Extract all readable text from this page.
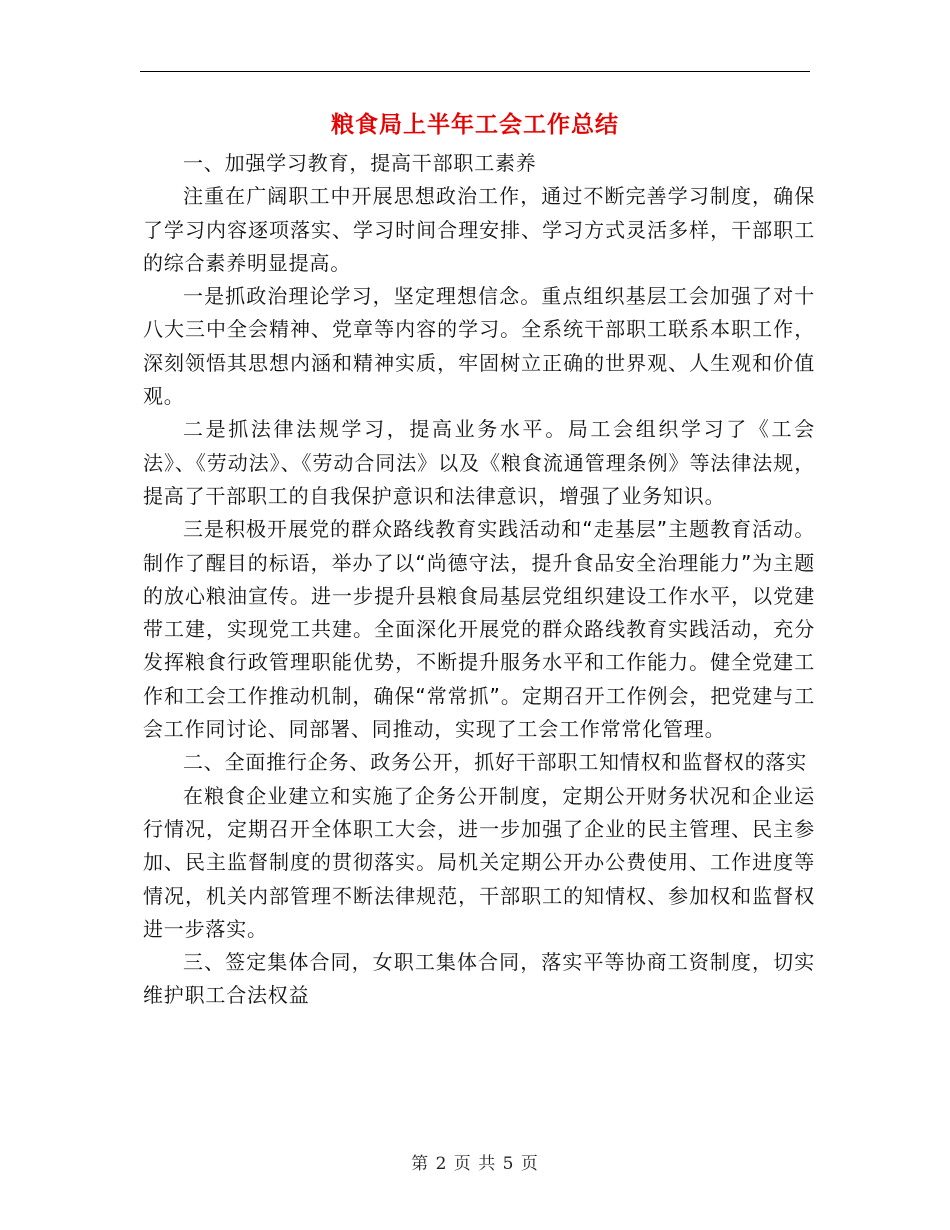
粮食局上半年工会工作总结

一、加强学习教育，提高干部职工素养

注重在广阔职工中开展思想政治工作，通过不断完善学习制度，确保了学习内容逐项落实、学习时间合理安排、学习方式灵活多样，干部职工的综合素养明显提高。

一是抓政治理论学习，坚定理想信念。重点组织基层工会加强了对十八大三中全会精神、党章等内容的学习。全系统干部职工联系本职工作，深刻领悟其思想内涵和精神实质，牢固树立正确的世界观、人生观和价值观。

二是抓法律法规学习，提高业务水平。局工会组织学习了《工会法》、《劳动法》、《劳动合同法》以及《粮食流通管理条例》等法律法规，提高了干部职工的自我保护意识和法律意识，增强了业务知识。

三是积极开展党的群众路线教育实践活动和“走基层”主题教育活动。制作了醒目的标语，举办了以“尚德守法，提升食品安全治理能力”为主题的放心粮油宣传。进一步提升县粮食局基层党组织建设工作水平，以党建带工建，实现党工共建。全面深化开展党的群众路线教育实践活动，充分发挥粮食行政管理职能优势，不断提升服务水平和工作能力。健全党建工作和工会工作推动机制，确保“常常抓”。定期召开工作例会，把党建与工会工作同讨论、同部署、同推动，实现了工会工作常常化管理。

二、全面推行企务、政务公开，抓好干部职工知情权和监督权的落实

在粮食企业建立和实施了企务公开制度，定期公开财务状况和企业运行情况，定期召开全体职工大会，进一步加强了企业的民主管理、民主参加、民主监督制度的贯彻落实。局机关定期公开办公费使用、工作进度等情况，机关内部管理不断法律规范，干部职工的知情权、参加权和监督权进一步落实。

三、签定集体合同，女职工集体合同，落实平等协商工资制度，切实维护职工合法权益

第 2 页 共 5 页
